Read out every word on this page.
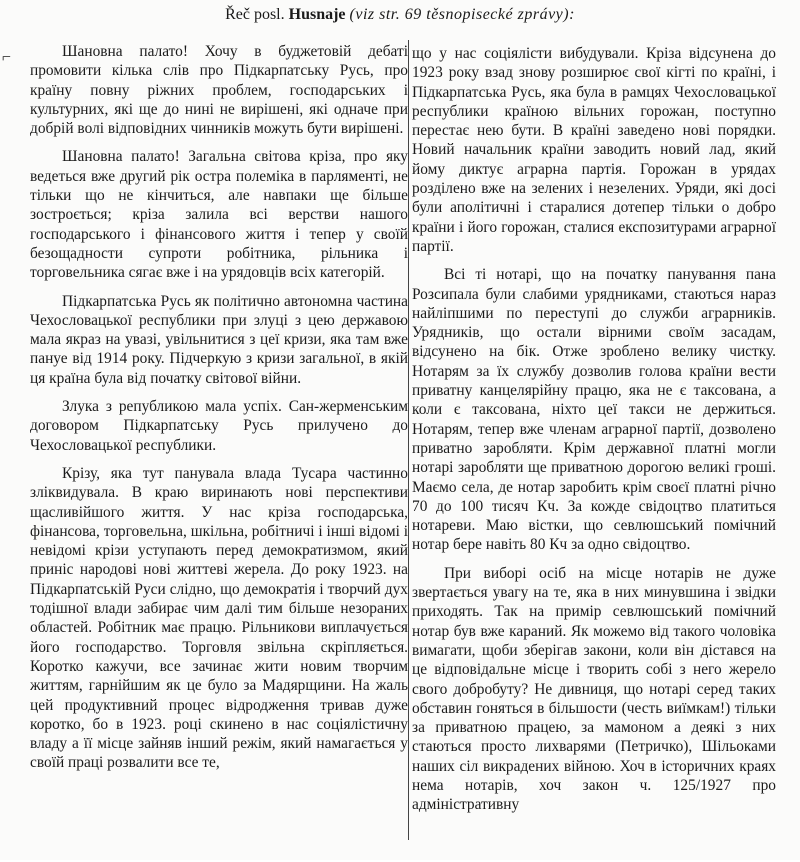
Řeč posl. Husnaje (viz str. 69 těsnopisecké zprávy):
⌐	Шановна палато! Хочу в буджетовій дебаті промовити кілька слів про Підкарпатську Русь, про країну повну ріжних проблем, господарських і культурних, які ще до нині не вирішені, які одначе при добрій волі відповідних чинників можуть бути вирішені.

Шановна палато! Загальна світова кріза, про яку ведеться вже другий рік остра полеміка в парляменті, не тільки що не кінчиться, але навпаки ще більше зостроється; кріза залила всі верстви нашого господарського і фінансового життя і тепер у своїй безощадности супроти робітника, рільника і торговельника сягає вже і на урядовців всіх категорій.

Підкарпатська Русь як політично автономна частина Чехословацької республики при злуці з цею державою мала якраз на увазі, увільнитися з цеї кризи, яка там вже пануе від 1914 року. Підчеркую з кризи загальної, в якій ця країна була від початку світової війни.

Злука з републикою мала успіх. Сан-жерменським договором Підкарпатську Русь прилучено до Чехословацької республики.

Крізу, яка тут панувала влада Тусара частинно зліквидувала. В краю виринають нові перспективи щасливійшого життя. У нас кріза господарська, фінансова, торговельна, шкільна, робітничі і інші відомі і невідомі крізи уступають перед демократизмом, який приніс народові нові життеві жерела. До року 1923. на Підкарпатській Руси слідно, що демократія і творчий дух тодішної влади забирає чим далі тим більше незораних областей. Робітник має працю. Рільникови виплачується його господарство. Торговля звільна скріпляється. Коротко кажучи, все зачинає жити новим творчим життям, гарнійшим як це було за Мадярщини. На жаль цей продуктивний процес відродження тривав дуже коротко, бо в 1923. році скинено в нас соціялістичну владу а її місце зайняв інший режім, який намагається у своїй праці розвалити все те,

що у нас соціялісти вибудували. Кріза відсунена до 1923 року взад знову розширює свої кігті по країні, і Підкарпатська Русь, яка була в рамцях Чехословацької республики країною вільних горожан, поступно перестає нею бути. В країні заведено нові порядки. Новий начальник країни заводить новий лад, який йому диктує аграрна партія. Горожан в урядах розділено вже на зелених і незелених. Уряди, які досі були аполітичні і старалися дотепер тільки о добро країни і його горожан, сталися експозитурами аграрної партії.

Всі ті нотарі, що на початку панування пана Розсипала були слабими урядниками, стаються нараз найліпшими по переступі до служби аграрників. Урядників, що остали вірними своїм засадам, відсунено на бік. Отже зроблено велику чистку. Нотарям за їх службу дозволив голова країни вести приватну канцелярійну працю, яка не є таксована, а коли є таксована, ніхто цеї такси не держиться. Нотарям, тепер вже членам аграрної партії, дозволено приватно заробляти. Крім державної платні могли нотарі заробляти ще приватною дорогою великі гроші. Маємо села, де нотар заробить крім своєї платні річно 70 до 100 тисяч Кч. За кожде свідоцтво платиться нотареви. Маю вістки, що севлюшський помічний нотар бере навіть 80 Кч за одно свідоцтво.

При виборі осіб на місце нотарів не дуже звертається увагу на те, яка в них минувшина і звідки приходять. Так на примір севлюшський помічний нотар був вже караний. Як можемо від такого чоловіка вимагати, щоби зберігав закони, коли він дістався на це відповідальне місце і творить собі з него жерело свого добробуту? Не дивниця, що нотарі серед таких обставин гоняться в більшости (честь виїмкам!) тільки за приватною працею, за мамоном а деякі з них стаються просто лихварями (Петричко), Шільоками наших сіл викрадених війною. Хоч в історичних краях нема нотарів, хоч закон ч. 125/1927 про адміністративну
